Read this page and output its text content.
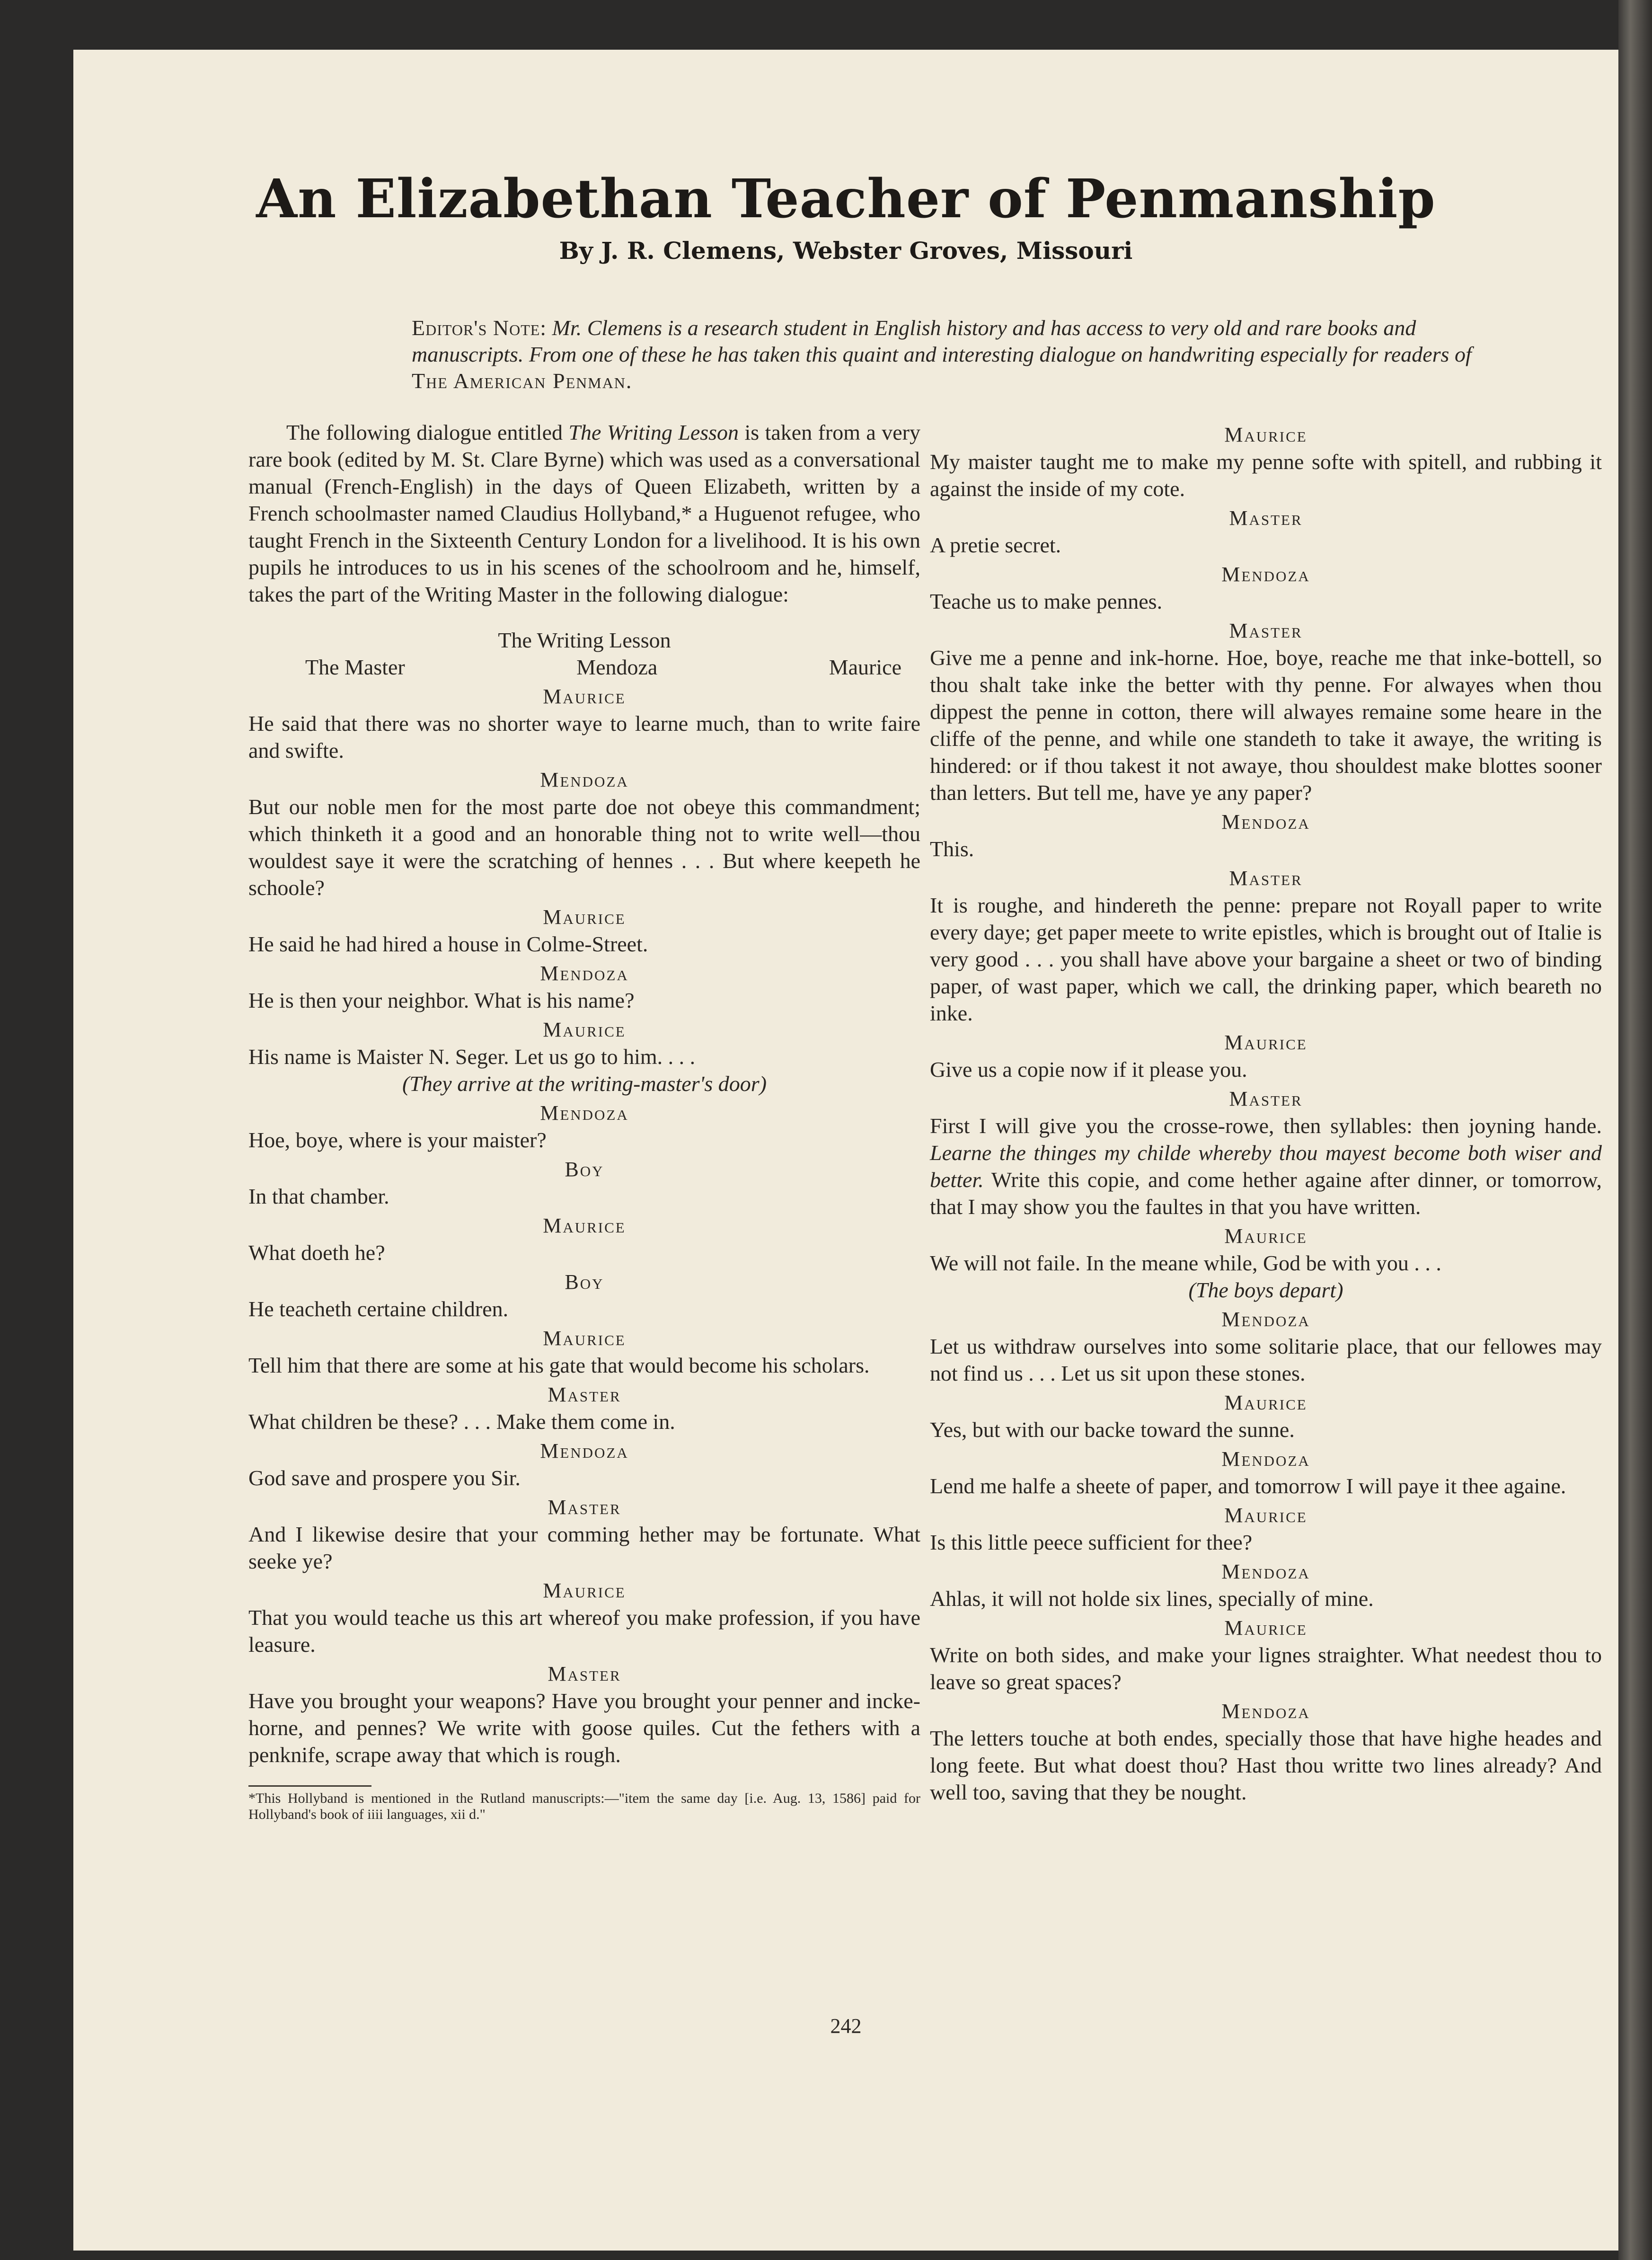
An Elizabethan Teacher of Penmanship
By J. R. Clemens, Webster Groves, Missouri
Editor's Note: Mr. Clemens is a research student in English history and has access to very old and rare books and manuscripts. From one of these he has taken this quaint and interesting dialogue on handwriting especially for readers of The American Penman.

The following dialogue entitled The Writing Lesson is taken from a very rare book (edited by M. St. Clare Byrne) which was used as a conversational manual (French-English) in the days of Queen Elizabeth, written by a French schoolmaster named Claudius Hollyband,* a Huguenot refugee, who taught French in the Sixteenth Century London for a livelihood. It is his own pupils he introduces to us in his scenes of the schoolroom and he, himself, takes the part of the Writing Master in the following dialogue:

The Writing Lesson
The Master	Mendoza	Maurice
Maurice

He said that there was no shorter waye to learne much, than to write faire and swifte.

Mendoza

But our noble men for the most parte doe not obeye this commandment; which thinketh it a good and an honorable thing not to write well—thou wouldest saye it were the scratching of hennes . . . But where keepeth he schoole?

Maurice

He said he had hired a house in Colme-Street.

Mendoza

He is then your neighbor. What is his name?

Maurice

His name is Maister N. Seger. Let us go to him. . . .

(They arrive at the writing-master's door)
Mendoza

Hoe, boye, where is your maister?

Boy

In that chamber.

Maurice

What doeth he?

Boy

He teacheth certaine children.

Maurice

Tell him that there are some at his gate that would become his scholars.

Master

What children be these? . . . Make them come in.

Mendoza

God save and prospere you Sir.

Master

And I likewise desire that your comming hether may be fortunate. What seeke ye?

Maurice

That you would teache us this art whereof you make profession, if you have leasure.

Master

Have you brought your weapons? Have you brought your penner and incke-horne, and pennes? We write with goose quiles. Cut the fethers with a penknife, scrape away that which is rough.

*This Hollyband is mentioned in the Rutland manuscripts:—"item the same day [i.e. Aug. 13, 1586] paid for Hollyband's book of iiii languages, xii d."
Maurice

My maister taught me to make my penne softe with spitell, and rubbing it against the inside of my cote.

Master

A pretie secret.

Mendoza

Teache us to make pennes.

Master

Give me a penne and ink-horne. Hoe, boye, reache me that inke-bottell, so thou shalt take inke the better with thy penne. For alwayes when thou dippest the penne in cotton, there will alwayes remaine some heare in the cliffe of the penne, and while one standeth to take it awaye, the writing is hindered: or if thou takest it not awaye, thou shouldest make blottes sooner than letters. But tell me, have ye any paper?

Mendoza

This.

Master

It is roughe, and hindereth the penne: prepare not Royall paper to write every daye; get paper meete to write epistles, which is brought out of Italie is very good . . . you shall have above your bargaine a sheet or two of binding paper, of wast paper, which we call, the drinking paper, which beareth no inke.

Maurice

Give us a copie now if it please you.

Master

First I will give you the crosse-rowe, then syllables: then joyning hande. Learne the thinges my childe whereby thou mayest become both wiser and better. Write this copie, and come hether againe after dinner, or tomorrow, that I may show you the faultes in that you have written.

Maurice

We will not faile. In the meane while, God be with you . . .

(The boys depart)
Mendoza

Let us withdraw ourselves into some solitarie place, that our fellowes may not find us . . . Let us sit upon these stones.

Maurice

Yes, but with our backe toward the sunne.

Mendoza

Lend me halfe a sheete of paper, and tomorrow I will paye it thee againe.

Maurice

Is this little peece sufficient for thee?

Mendoza

Ahlas, it will not holde six lines, specially of mine.

Maurice

Write on both sides, and make your lignes straighter. What needest thou to leave so great spaces?

Mendoza

The letters touche at both endes, specially those that have highe heades and long feete. But what doest thou? Hast thou writte two lines already? And well too, saving that they be nought.

242
